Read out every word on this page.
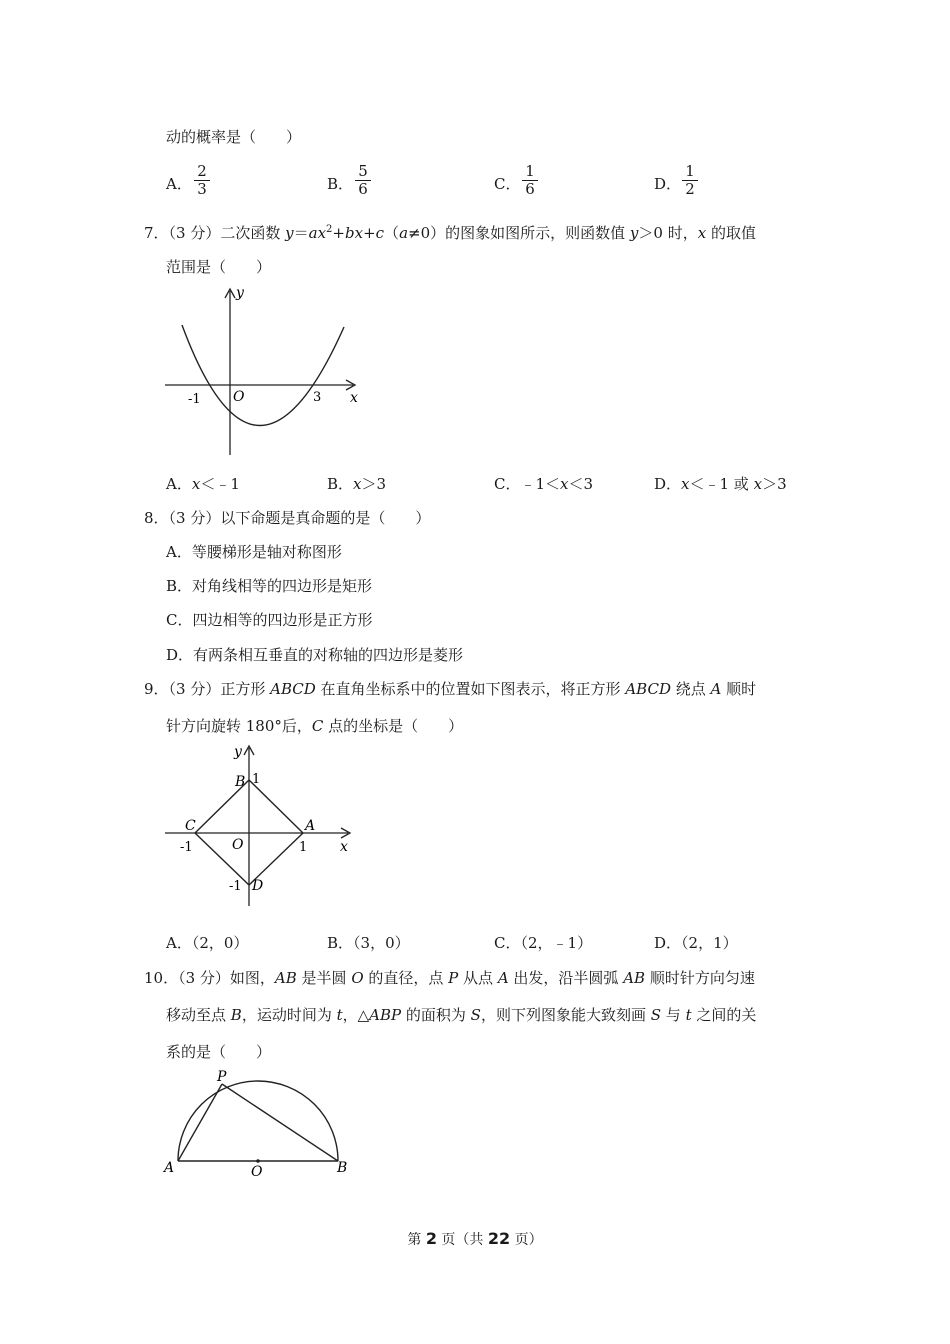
动的概率是（　　）
A． $\frac{2}{3}$	B． $\frac{5}{6}$	C． $\frac{1}{6}$	D． $\frac{1}{2}$
7．（3 分）二次函数 $y=ax^2+bx+c(a\ne 0)$的图象如图所示，则函数值 y＞0 时，x 的取值
范围是（　　）
y
x
O
-1	3
A．x＜﹣1	B．x＞3	C．﹣1＜x＜3	D．x＜﹣1 或 x＞3
8．（3 分）以下命题是真命题的是（　　）
A．等腰梯形是轴对称图形
B．对角线相等的四边形是矩形
C．四边相等的四边形是正方形
D．有两条相互垂直的对称轴的四边形是菱形
9．（3 分）正方形 ABCD 在直角坐标系中的位置如下图表示，将正方形 ABCD 绕点 A 顺时
针方向旋转 180°后，C 点的坐标是（　　）
y
x
O
A
B
C
D
1
1
-1
-1
A．（2，0）	B．（3，0）	C．（2，﹣1）	D．（2，1）
10．（3 分）如图，AB 是半圆 O 的直径，点 P 从点 A 出发，沿半圆弧 AB 顺时针方向匀速
移动至点 B，运动时间为 t，△ABP 的面积为 S，则下列图象能大致刻画 S 与 t 之间的关
系的是（　　）
P
A	B
O
第 2 页（共 22 页）
